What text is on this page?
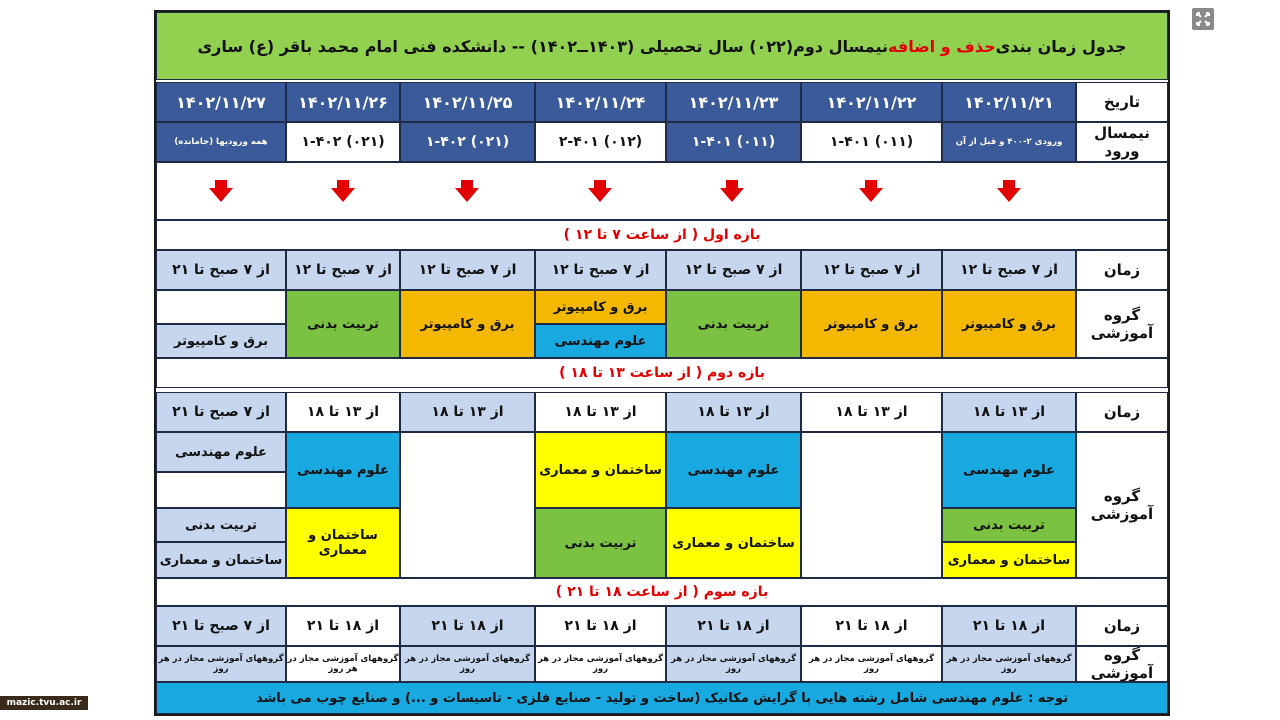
جدول زمان بندی
حذف و اضافه
نیمسال دوم(۰۲۲) سال تحصیلی (۱۴۰۳ــ۱۴۰۲) -- دانشکده فنی امام محمد باقر (ع) ساری
تاریخ
۱۴۰۲/۱۱/۲۱
۱۴۰۲/۱۱/۲۲
۱۴۰۲/۱۱/۲۳
۱۴۰۲/۱۱/۲۴
۱۴۰۲/۱۱/۲۵
۱۴۰۲/۱۱/۲۶
۱۴۰۲/۱۱/۲۷
نیمسال ورود
ورودی ۲-۴۰۰ و قبل از آن
(۰۱۱) ۱-۴۰۱
(۰۱۱) ۱-۴۰۱
(۰۱۲) ۲-۴۰۱
(۰۲۱) ۱-۴۰۲
(۰۲۱) ۱-۴۰۲
همه ورودیها (جامانده)
بازه اول ( از ساعت ۷ تا ۱۲ )
زمان
از ۷ صبح تا ۱۲
از ۷ صبح تا ۱۲
از ۷ صبح تا ۱۲
از ۷ صبح تا ۱۲
از ۷ صبح تا ۱۲
از ۷ صبح تا ۱۲
از ۷ صبح تا ۲۱
گروه آموزشی
برق و کامپیوتر
برق و کامپیوتر
تربیت بدنی
برق و کامپیوتر
علوم مهندسی
برق و کامپیوتر
تربیت بدنی
برق و کامپیوتر
بازه دوم ( از ساعت ۱۳ تا ۱۸ )
زمان
از ۱۳ تا ۱۸
از ۱۳ تا ۱۸
از ۱۳ تا ۱۸
از ۱۳ تا ۱۸
از ۱۳ تا ۱۸
از ۱۳ تا ۱۸
از ۷ صبح تا ۲۱
گروه آموزشی
علوم مهندسی
تربیت بدنی
ساختمان و معماری
علوم مهندسی
ساختمان و معماری
ساختمان و معماری
تربیت بدنی
علوم مهندسی
ساختمان و معماری
علوم مهندسی
تربیت بدنی
ساختمان و معماری
بازه سوم ( از ساعت ۱۸ تا ۲۱ )
زمان
از ۱۸ تا ۲۱
از ۱۸ تا ۲۱
از ۱۸ تا ۲۱
از ۱۸ تا ۲۱
از ۱۸ تا ۲۱
از ۱۸ تا ۲۱
از ۷ صبح تا ۲۱
گروه آموزشی
گروههای آموزشی مجاز در هر روز
گروههای آموزشی مجاز در هر روز
گروههای آموزشی مجاز در هر روز
گروههای آموزشی مجاز در هر روز
گروههای آموزشی مجاز در هر روز
گروههای آموزشی مجاز در هر روز
گروههای آموزشی مجاز در هر روز
توجه : علوم مهندسی شامل رشته هایی با گرایش مکانیک (ساخت و تولید - صنایع فلزی - تاسیسات و ...) و صنایع چوب می باشد
mazic.tvu.ac.ir
